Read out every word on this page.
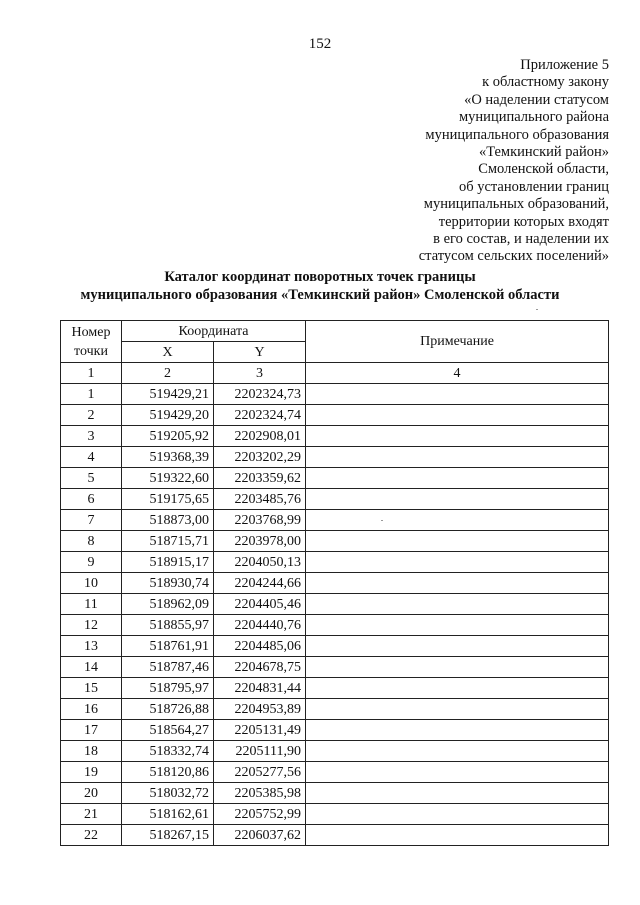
152
Приложение 5
к областному закону
«О наделении статусом
муниципального района
муниципального образования
«Темкинский район»
Смоленской области,
об установлении границ
муниципальных образований,
территории которых входят
в его состав, и наделении их
статусом сельских поселений»
Каталог координат поворотных точек границы
муниципального образования «Темкинский район» Смоленской области
Номер точки	Координата		Примечание
	X	Y	
1	2	3	4
1	519429,21	2202324,73	
2	519429,20	2202324,74	
3	519205,92	2202908,01	
4	519368,39	2203202,29	
5	519322,60	2203359,62	
6	519175,65	2203485,76	
7	518873,00	2203768,99	
8	518715,71	2203978,00	
9	518915,17	2204050,13	
10	518930,74	2204244,66	
11	518962,09	2204405,46	
12	518855,97	2204440,76	
13	518761,91	2204485,06	
14	518787,46	2204678,75	
15	518795,97	2204831,44	
16	518726,88	2204953,89	
17	518564,27	2205131,49	
18	518332,74	2205111,90	
19	518120,86	2205277,56	
20	518032,72	2205385,98	
21	518162,61	2205752,99	
22	518267,15	2206037,62	
